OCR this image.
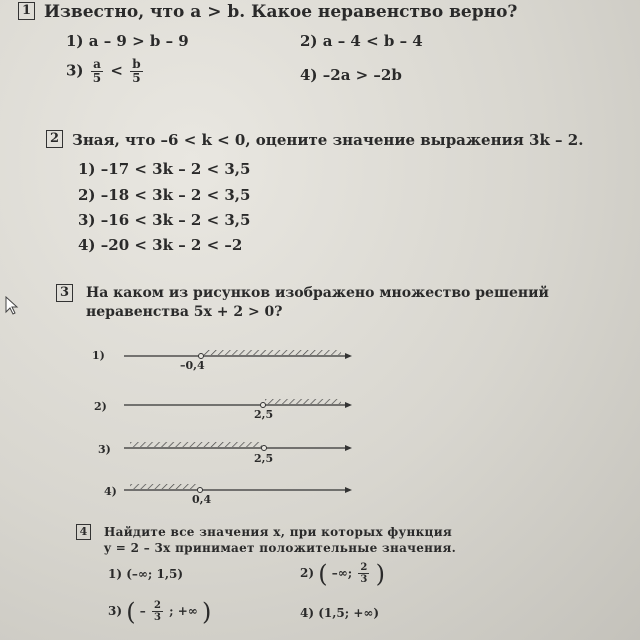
1 Известно, что a > b. Какое неравенство верно?
1) a – 9 > b – 9	2) a – 4 < b – 4
$3) \frac{a}{5} < \frac{b}{5}$	4) –2a > –2b
2 Зная, что –6 < k < 0, оцените значение выражения 3k – 2.
1) –17 < 3k – 2 < 3,5
2) –18 < 3k – 2 < 3,5
3) –16 < 3k – 2 < 3,5
4) –20 < 3k – 2 < –2
3 На каком из рисунков изображено множество решений
неравенства 5x + 2 > 0?
1)
–0,4
2)
2,5
3)
2,5
4)
0,4
4	Найдите все значения x, при которых функция
y = 2 – 3x принимает положительные значения.
1) (–∞; 1,5)	2) ( –∞; $\frac{2}{3}$ )
3) ( – $\frac{2}{3}$ ; +∞ )	4) (1,5; +∞)
